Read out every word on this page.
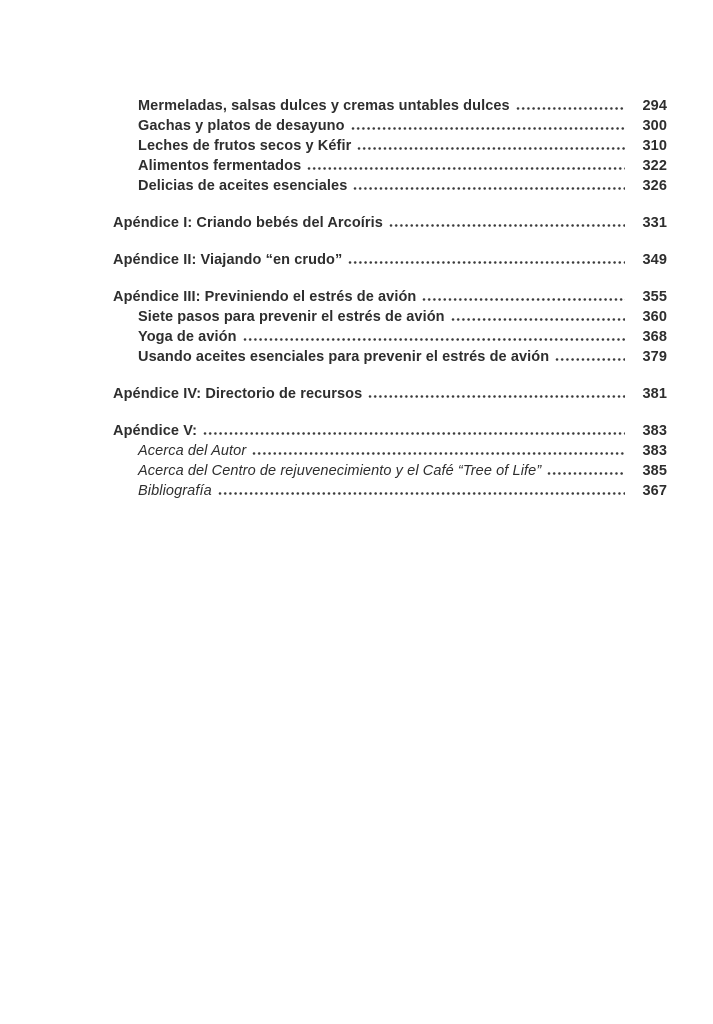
Mermeladas, salsas dulces y cremas untables dulces	294
Gachas y platos de desayuno	300
Leches de frutos secos y Kéfir	310
Alimentos fermentados	322
Delicias de aceites esenciales	326
Apéndice I: Criando bebés del Arcoíris	331
Apéndice II: Viajando “en crudo”	349
Apéndice III: Previniendo el estrés de avión	355
Siete pasos para prevenir el estrés de avión	360
Yoga de avión	368
Usando aceites esenciales para prevenir el estrés de avión	379
Apéndice IV: Directorio de recursos	381
Apéndice V:	383
Acerca del Autor	383
Acerca del Centro de rejuvenecimiento y el Café “Tree of Life”	385
Bibliografía	367
